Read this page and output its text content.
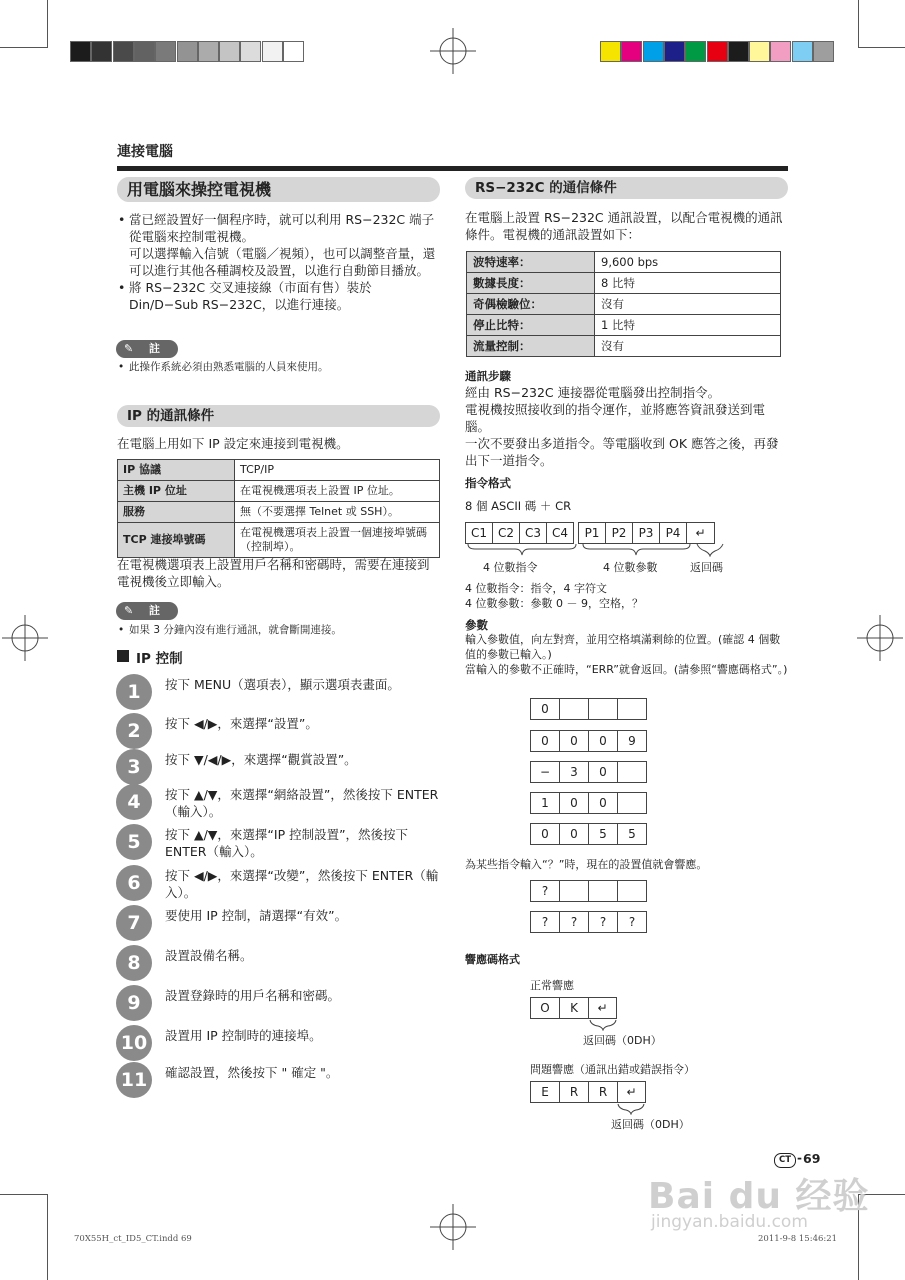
連接電腦
用電腦來操控電視機
• 當已經設置好一個程序時，就可以利用 RS−232C 端子從電腦來控制電視機。
可以選擇輸入信號（電腦／視頻），也可以調整音量，還可以進行其他各種調校及設置，以進行自動節目播放。
• 將 RS−232C 交叉連接線（市面有售）裝於 Din/D−Sub RS−232C，以進行連接。
✎ 註
• 此操作系統必須由熟悉電腦的人員來使用。
IP 的通訊條件
在電腦上用如下 IP 設定來連接到電視機。
IP 協議	TCP/IP
主機 IP 位址	在電視機選項表上設置 IP 位址。
服務	無（不要選擇 Telnet 或 SSH）。
TCP 連接埠號碼	在電視機選項表上設置一個連接埠號碼（控制埠）。
在電視機選項表上設置用戶名稱和密碼時，需要在連接到電視機後立即輸入。
✎ 註
• 如果 3 分鐘內沒有進行通訊，就會斷開連接。
IP 控制
1	按下 MENU（選項表），顯示選項表畫面。
2	按下 ◀/▶，來選擇“設置”。
3	按下 ▼/◀/▶，來選擇“觀賞設置”。
4	按下 ▲/▼，來選擇“網絡設置”，然後按下 ENTER（輸入）。
5	按下 ▲/▼，來選擇“IP 控制設置”，然後按下 ENTER（輸入）。
6	按下 ◀/▶，來選擇“改變”，然後按下 ENTER（輸入）。
7	要使用 IP 控制，請選擇“有效”。
8	設置設備名稱。
9	設置登錄時的用戶名稱和密碼。
10	設置用 IP 控制時的連接埠。
11	確認設置，然後按下 " 確定 "。
RS−232C 的通信條件
在電腦上設置 RS−232C 通訊設置，以配合電視機的通訊條件。電視機的通訊設置如下：
波特速率：	9,600 bps
數據長度：	8 比特
奇偶檢驗位：	沒有
停止比特：	1 比特
流量控制：	沒有
通訊步驟
經由 RS−232C 連接器從電腦發出控制指令。
電視機按照接收到的指令運作，並將應答資訊發送到電腦。
一次不要發出多道指令。等電腦收到 OK 應答之後，再發出下一道指令。
指令格式
8 個 ASCII 碼 ＋ CR
C1 C2 C3 C4	P1	P2	P3	P4	↵
4 位數指令	4 位數參數	返回碼
4 位數指令：指令，4 字符文
4 位數參數：參數 0 － 9，空格，？
參數
輸入參數值，向左對齊，並用空格填滿剩餘的位置。(確認 4 個數值的參數已輸入。)
當輸入的參數不正確時，“ERR”就會返回。(請參照“響應碼格式”。)
0
0	0	0	9
−	3	0
1	0	0
0	0	5	5
為某些指令輸入“？”時，現在的設置值就會響應。
?
?	?	?	?
響應碼格式
正常響應
O	K	↵
返回碼（0DH）
問題響應（通訊出錯或錯誤指令）
E	R	R	↵
返回碼（0DH）
CT - 69
Bai du 经验
jingyan.baidu.com
70X55H_ct_ID5_CT.indd 69	2011-9-8 15:46:21
